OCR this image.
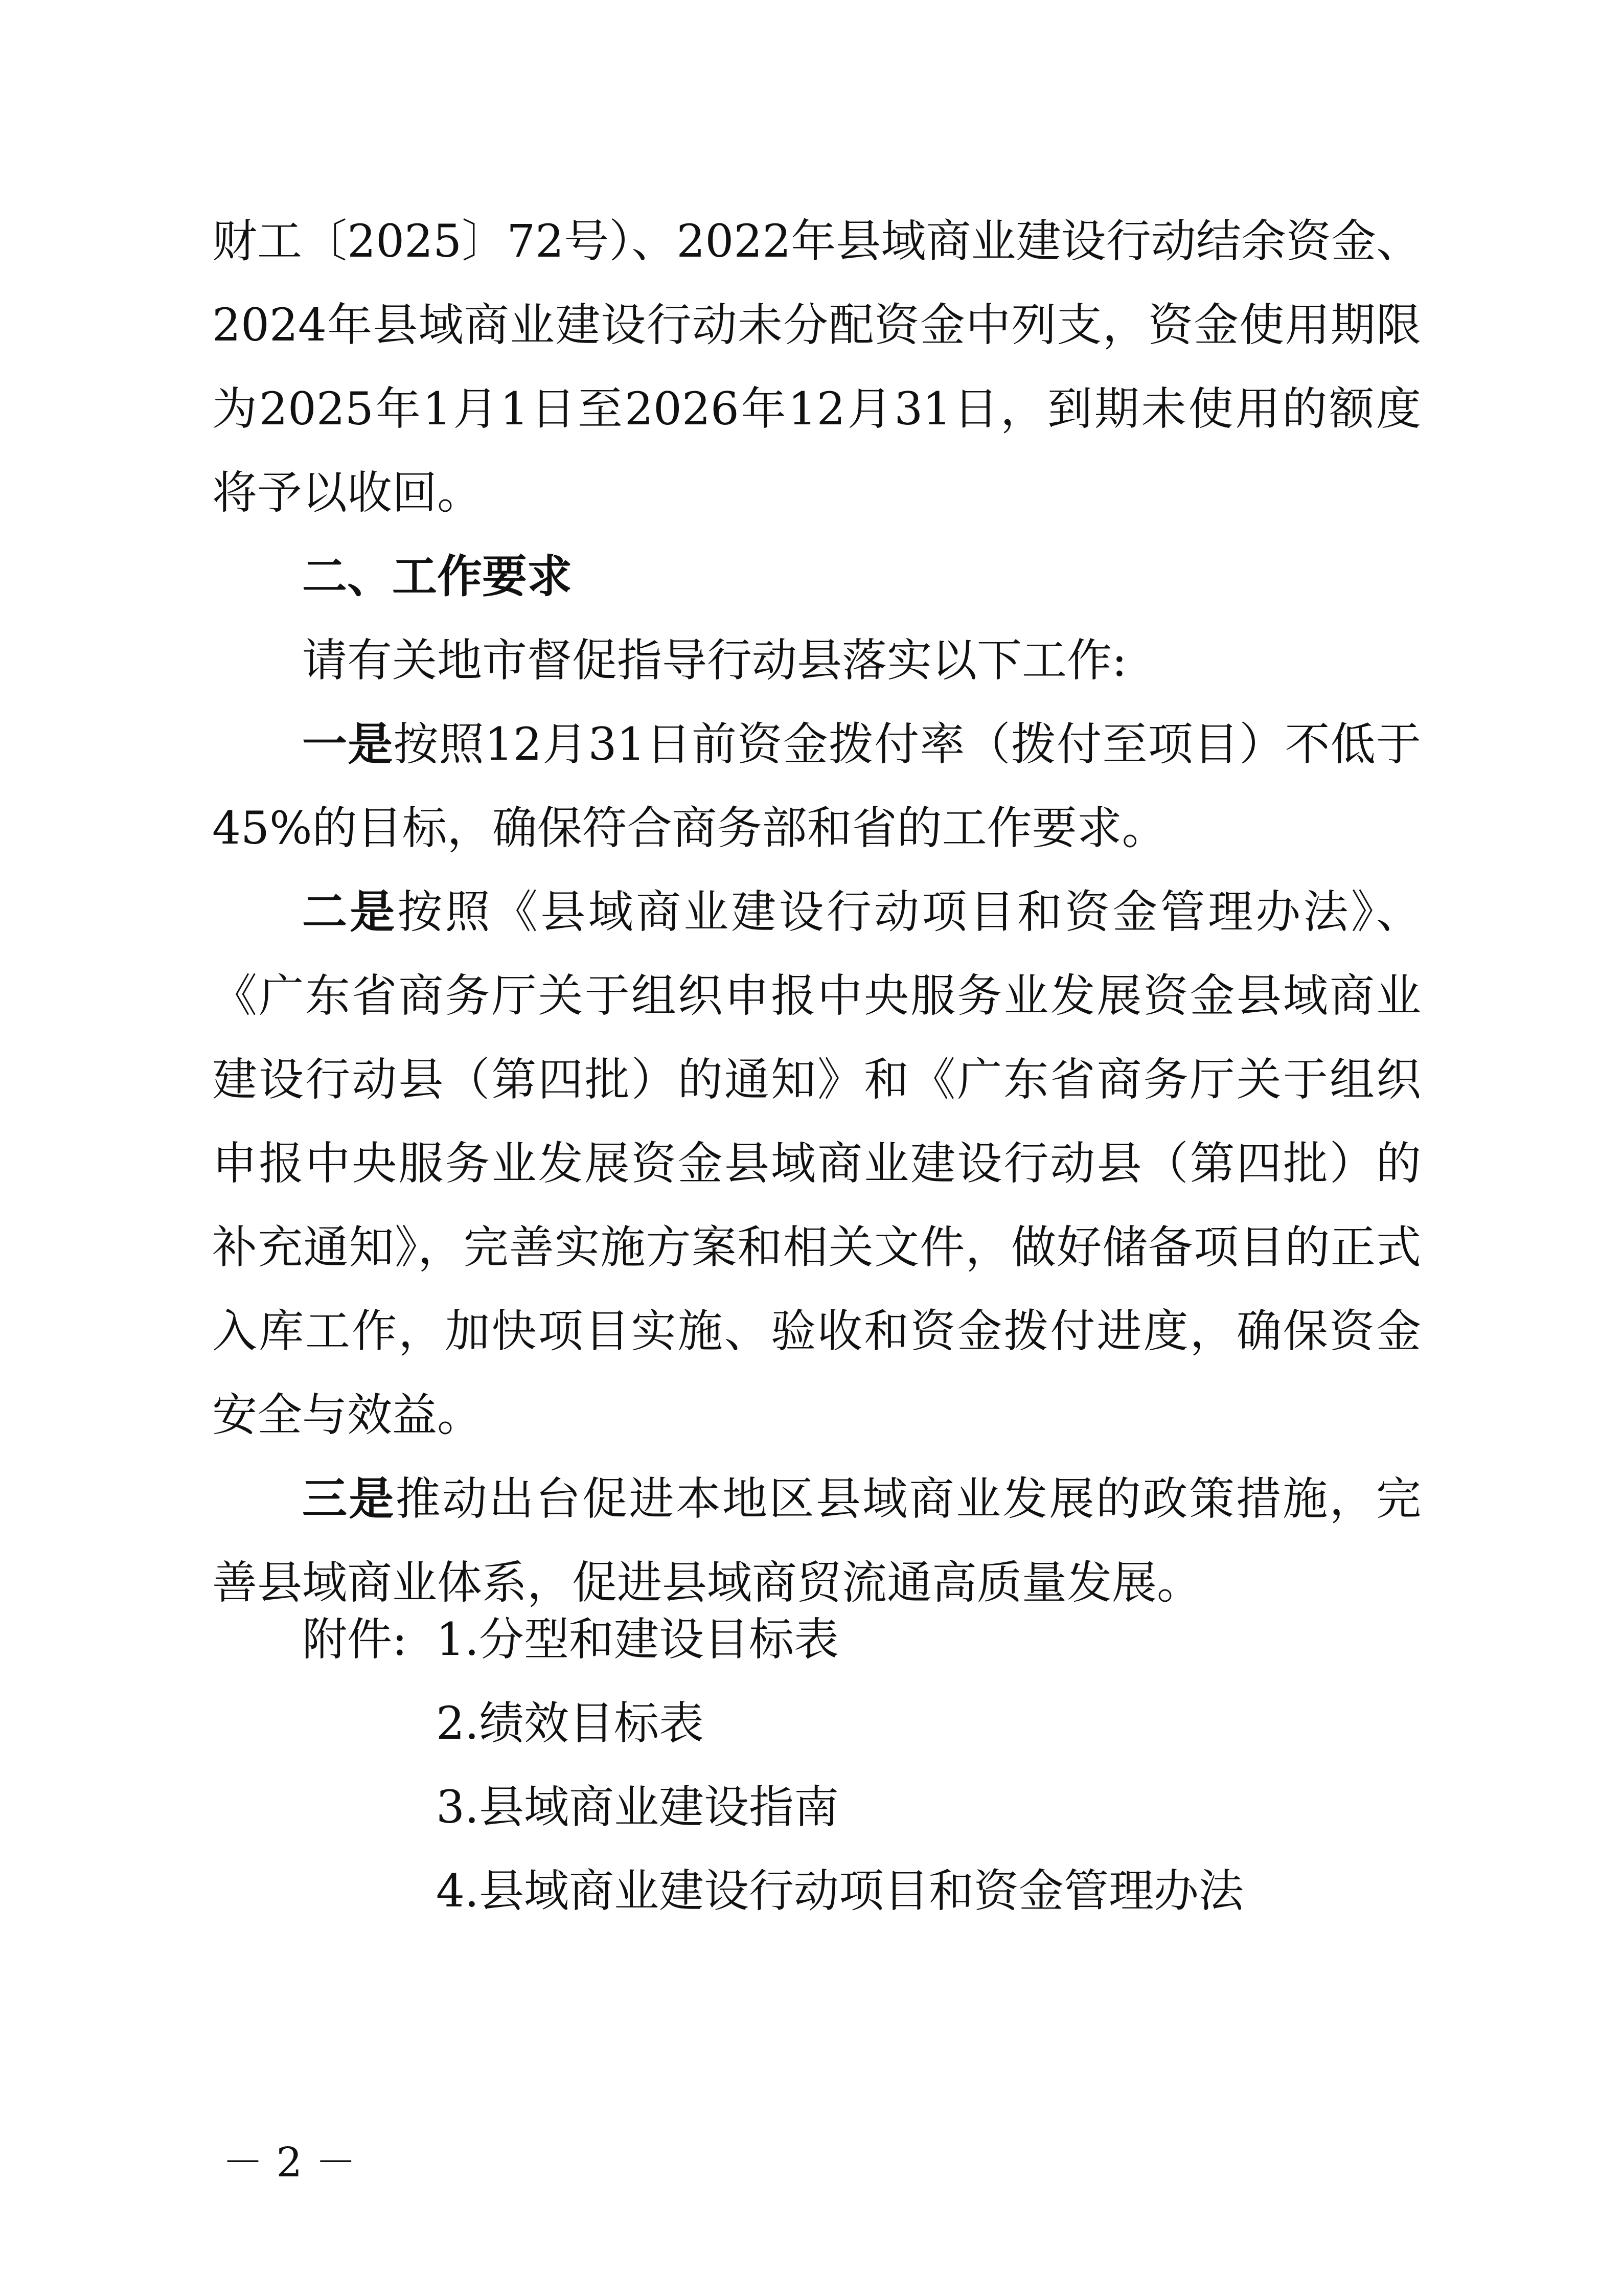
财工〔2025〕72号）、2022年县域商业建设行动结余资金、2024年县域商业建设行动未分配资金中列支，资金使用期限为2025年1月1日至2026年12月31日，到期未使用的额度将予以收回。

二、工作要求

请有关地市督促指导行动县落实以下工作:

一是按照12月31日前资金拨付率（拨付至项目）不低于45%的目标，确保符合商务部和省的工作要求。

二是按照《县域商业建设行动项目和资金管理办法》、《广东省商务厅关于组织申报中央服务业发展资金县域商业建设行动县（第四批）的通知》和《广东省商务厅关于组织申报中央服务业发展资金县域商业建设行动县（第四批）的补充通知》，完善实施方案和相关文件，做好储备项目的正式入库工作，加快项目实施、验收和资金拨付进度，确保资金安全与效益。

三是推动出台促进本地区县域商业发展的政策措施，完善县域商业体系，促进县域商贸流通高质量发展。

附件: 1.分型和建设目标表
2.绩效目标表
3.县域商业建设指南
4.县域商业建设行动项目和资金管理办法
－ 2 －
